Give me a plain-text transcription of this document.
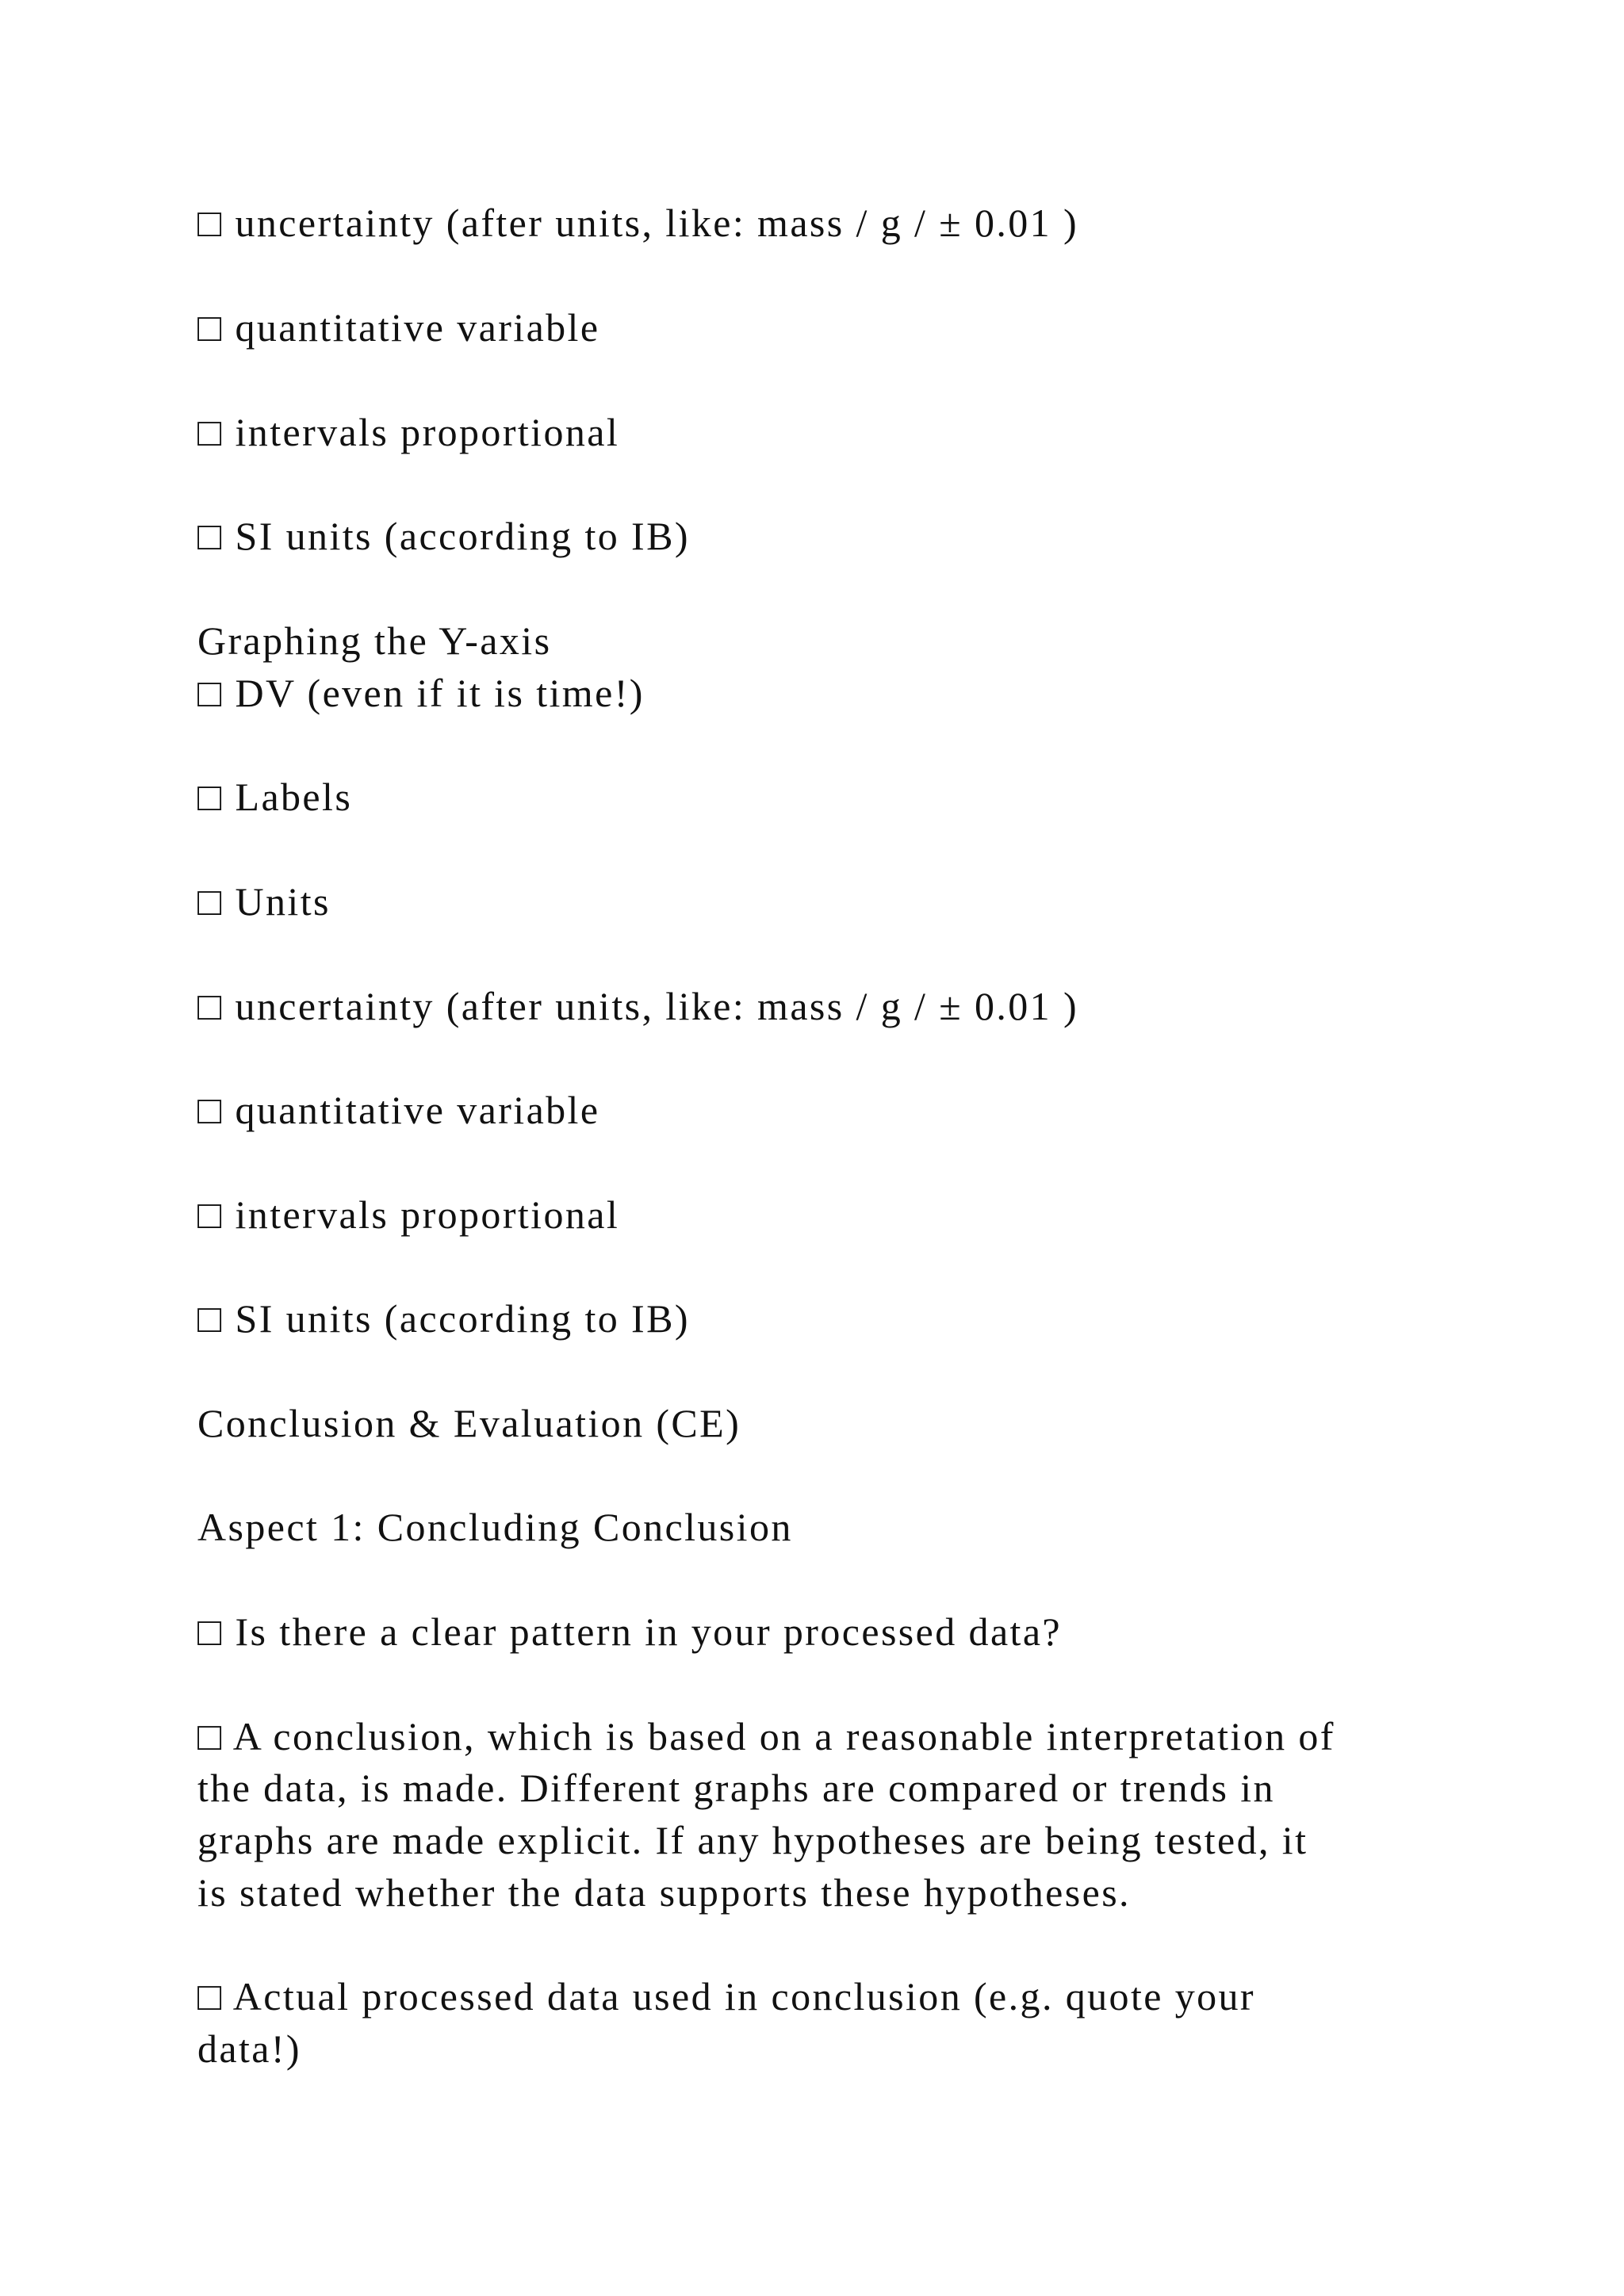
□ uncertainty (after units, like: mass / g / ± 0.01 )
□ quantitative variable
□ intervals proportional
□ SI units (according to IB)
Graphing the Y-axis
□ DV (even if it is time!)
□ Labels
□ Units
□ uncertainty (after units, like: mass / g / ± 0.01 )
□ quantitative variable
□ intervals proportional
□ SI units (according to IB)
Conclusion & Evaluation (CE)
Aspect 1: Concluding Conclusion
□ Is there a clear pattern in your processed data?
□ A conclusion, which is based on a reasonable interpretation of
the data, is made. Different graphs are compared or trends in
graphs are made explicit. If any hypotheses are being tested, it
is stated whether the data supports these hypotheses.
□ Actual processed data used in conclusion (e.g. quote your
data!)
